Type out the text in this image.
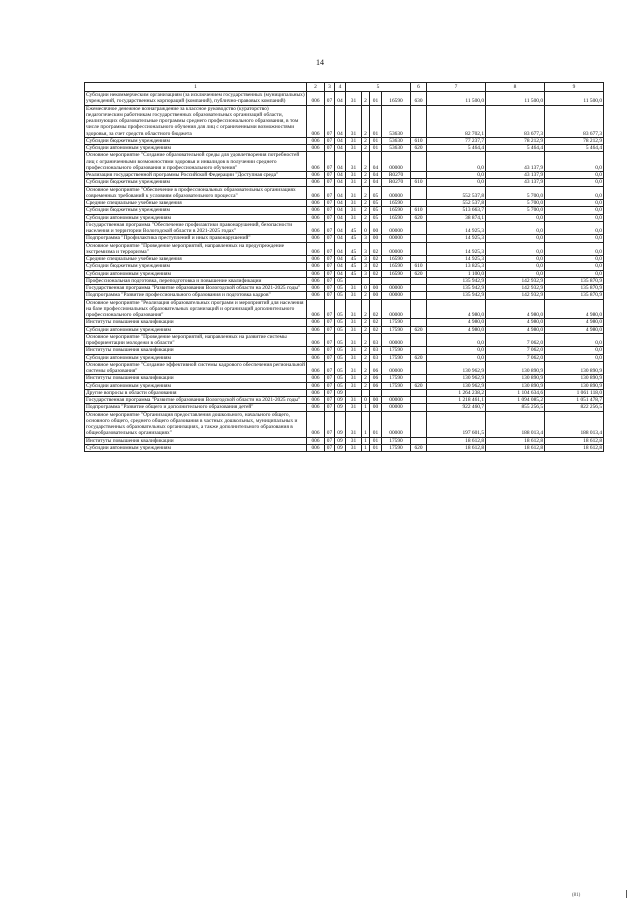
14
1	2	3	4	5				6	7	8	9
Субсидии некоммерческим организациям (за исключением государственных (муниципальных) учреждений, государственных корпораций (компаний), публично-правовых компаний)	006	07	04	31	2	01	16590	630	11 500,0	11 500,0	11 500,0
Ежемесячное денежное вознаграждение за классное руководство (кураторство) педагогическим работникам государственных образовательных организаций области, реализующих образовательные программы среднего профессионального образования, в том числе программы профессионального обучения для лиц с ограниченными возможностями здоровья, за счет средств областного бюджета	006	07	04	31	2	01	53630		82 702,1	83 677,3	83 677,3
Субсидии бюджетным учреждениям	006	07	04	31	2	01	53630	610	77 237,7	78 212,9	78 212,9
Субсидии автономным учреждениям	006	07	04	31	2	01	53630	620	5 464,4	5 464,4	5 464,4
Основное мероприятие "Создание образовательной среды для удовлетворения потребностей лиц с ограниченными возможностями здоровья и инвалидов в получении среднего профессионального образования и профессионального обучения"	006	07	04	31	2	04	00000		0,0	43 137,9	0,0
Реализация государственной программы Российской Федерации "Доступная среда"	006	07	04	31	2	04	R0270		0,0	43 137,9	0,0
Субсидии бюджетным учреждениям	006	07	04	31	2	04	R0270	610	0,0	43 137,9	0,0
Основное мероприятие "Обеспечение в профессиональных образовательных организациях современных требований к условиям образовательного процесса"	006	07	04	31	2	05	00000		552 537,8	5 700,0	0,0
Средние специальные учебные заведения	006	07	04	31	2	05	16590		552 537,8	5 700,0	0,0
Субсидии бюджетным учреждениям	006	07	04	31	2	05	16590	610	513 663,7	5 700,0	0,0
Субсидии автономным учреждениям	006	07	04	31	2	05	16590	620	38 874,1	0,0	0,0
Государственная программа "Обеспечение профилактики правонарушений, безопасности населения и территории Вологодской области в 2021-2025 годах"	006	07	04	45	0	00	00000		14 925,3	0,0	0,0
Подпрограмма "Профилактика преступлений и иных правонарушений"	006	07	04	45	3	00	00000		14 925,3	0,0	0,0
Основное мероприятие "Проведение мероприятий, направленных на предупреждение экстремизма и терроризма"	006	07	04	45	3	02	00000		14 925,3	0,0	0,0
Средние специальные учебные заведения	006	07	04	45	3	02	16590		14 925,3	0,0	0,0
Субсидии бюджетным учреждениям	006	07	04	45	3	02	16590	610	13 825,3	0,0	0,0
Субсидии автономным учреждениям	006	07	04	45	3	02	16590	620	1 100,0	0,0	0,0
Профессиональная подготовка, переподготовка и повышение квалификации	006	07	05						135 942,9	142 932,9	135 870,9
Государственная программа "Развитие образования Вологодской области на 2021-2025 годы"	006	07	05	31	0	00	00000		135 942,9	142 932,9	135 870,9
Подпрограмма "Развитие профессионального образования и подготовка кадров"	006	07	05	31	2	00	00000		135 942,9	142 932,9	135 870,9
Основное мероприятие "Реализация образовательных программ и мероприятий для населения на базе профессиональных образовательных организаций и организаций дополнительного профессионального образования"	006	07	05	31	2	02	00000		4 980,0	4 980,0	4 980,0
Институты повышения квалификации	006	07	05	31	2	02	17590		4 980,0	4 980,0	4 980,0
Субсидии автономным учреждениям	006	07	05	31	2	02	17590	620	4 980,0	4 980,0	4 980,0
Основное мероприятие "Проведение мероприятий, направленных на развитие системы профориентации молодежи в области"	006	07	05	31	2	03	00000		0,0	7 062,0	0,0
Институты повышения квалификации	006	07	05	31	2	03	17590		0,0	7 062,0	0,0
Субсидии автономным учреждениям	006	07	05	31	2	03	17590	620	0,0	7 062,0	0,0
Основное мероприятие "Создание эффективной системы кадрового обеспечения региональной системы образования"	006	07	05	31	2	06	00000		130 962,9	130 890,9	130 890,9
Институты повышения квалификации	006	07	05	31	2	06	17590		130 962,9	130 890,9	130 890,9
Субсидии автономным учреждениям	006	07	05	31	2	06	17590	620	130 962,9	130 890,9	130 890,9
Другие вопросы в области образования	006	07	09						1 264 238,2	1 104 634,6	1 061 118,0
Государственная программа "Развитие образования Вологодской области на 2021-2025 годы"	006	07	09	31	0	00	00000		1 218 461,1	1 094 085,2	1 051 478,7
Подпрограмма "Развитие общего и дополнительного образования детей"	006	07	09	31	1	00	00000		922 460,7	855 256,5	822 256,5
Основное мероприятие "Организация предоставления дошкольного, начального общего, основного общего, среднего общего образования в частных дошкольных, муниципальных и государственных образовательных организациях, а также дополнительного образования в общеобразовательных организациях"	006	07	09	31	1	01	00000		197 601,5	188 013,4	188 013,4
Институты повышения квалификации	006	07	09	31	1	01	17590		18 612,8	18 612,8	18 612,8
Субсидии автономным учреждениям	006	07	09	31	1	01	17590	620	18 612,8	18 612,8	18 612,8
(81)
